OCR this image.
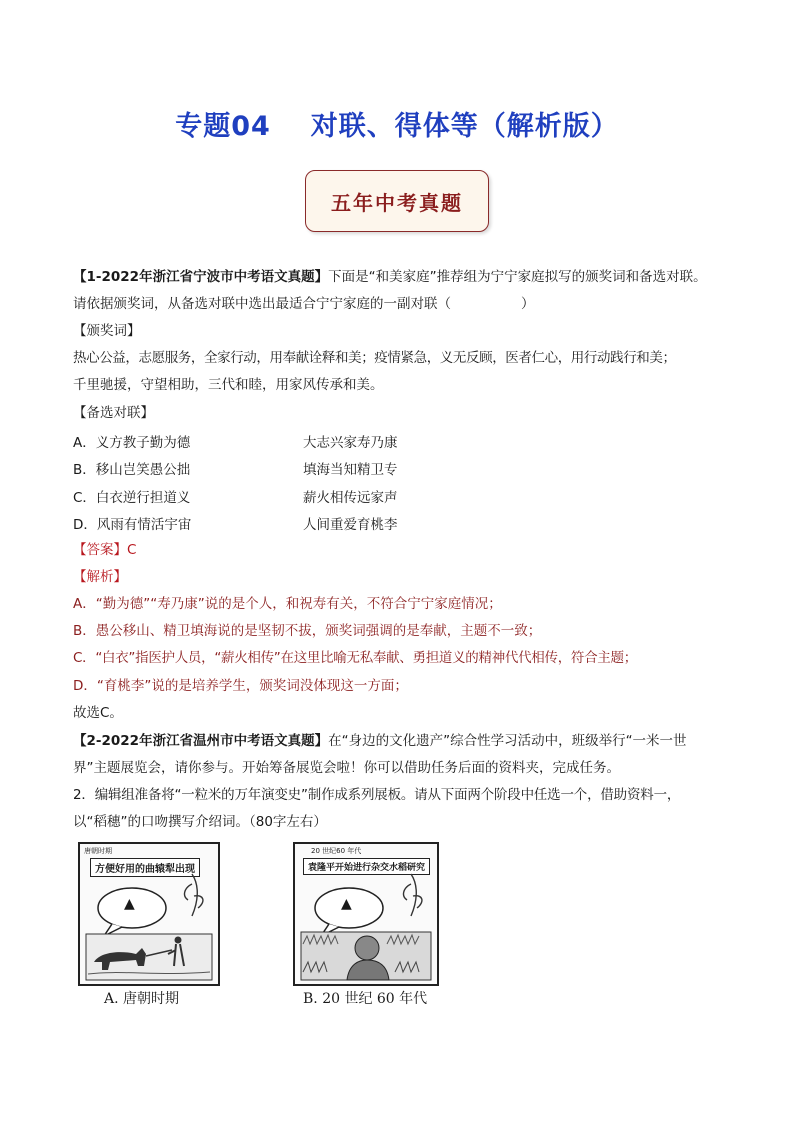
专题04 对联、得体等（解析版）
五年中考真题
【1-2022年浙江省宁波市中考语文真题】下面是“和美家庭”推荐组为宁宁家庭拟写的颁奖词和备选对联。
请依据颁奖词，从备选对联中选出最适合宁宁家庭的一副对联（	）
【颁奖词】
热心公益，志愿服务，全家行动，用奉献诠释和美；疫情紧急，义无反顾，医者仁心，用行动践行和美；
千里驰援，守望相助，三代和睦，用家风传承和美。
【备选对联】
A．义方教子勤为德	大志兴家寿乃康
B．移山岂笑愚公拙	填海当知精卫专
C．白衣逆行担道义	薪火相传远家声
D．风雨有情活宇宙	人间重爱育桃李
【答案】C
【解析】
A．“勤为德”“寿乃康”说的是个人，和祝寿有关，不符合宁宁家庭情况；
B．愚公移山、精卫填海说的是坚韧不拔，颁奖词强调的是奉献，主题不一致；
C．“白衣”指医护人员，“薪火相传”在这里比喻无私奉献、勇担道义的精神代代相传，符合主题；
D．“育桃李”说的是培养学生，颁奖词没体现这一方面；
故选C。
【2-2022年浙江省温州市中考语文真题】在“身边的文化遗产”综合性学习活动中，班级举行“一米一世
界”主题展览会，请你参与。开始筹备展览会啦！你可以借助任务后面的资料夹，完成任务。
2．编辑组准备将“一粒米的万年演变史”制作成系列展板。请从下面两个阶段中任选一个，借助资料一，
以“稻穗”的口吻撰写介绍词。（80字左右）
唐朝时期
方便好用的曲辕犁出现
▲
A. 唐朝时期
20 世纪60 年代
袁隆平开始进行杂交水稻研究
▲
B. 20 世纪 60 年代
